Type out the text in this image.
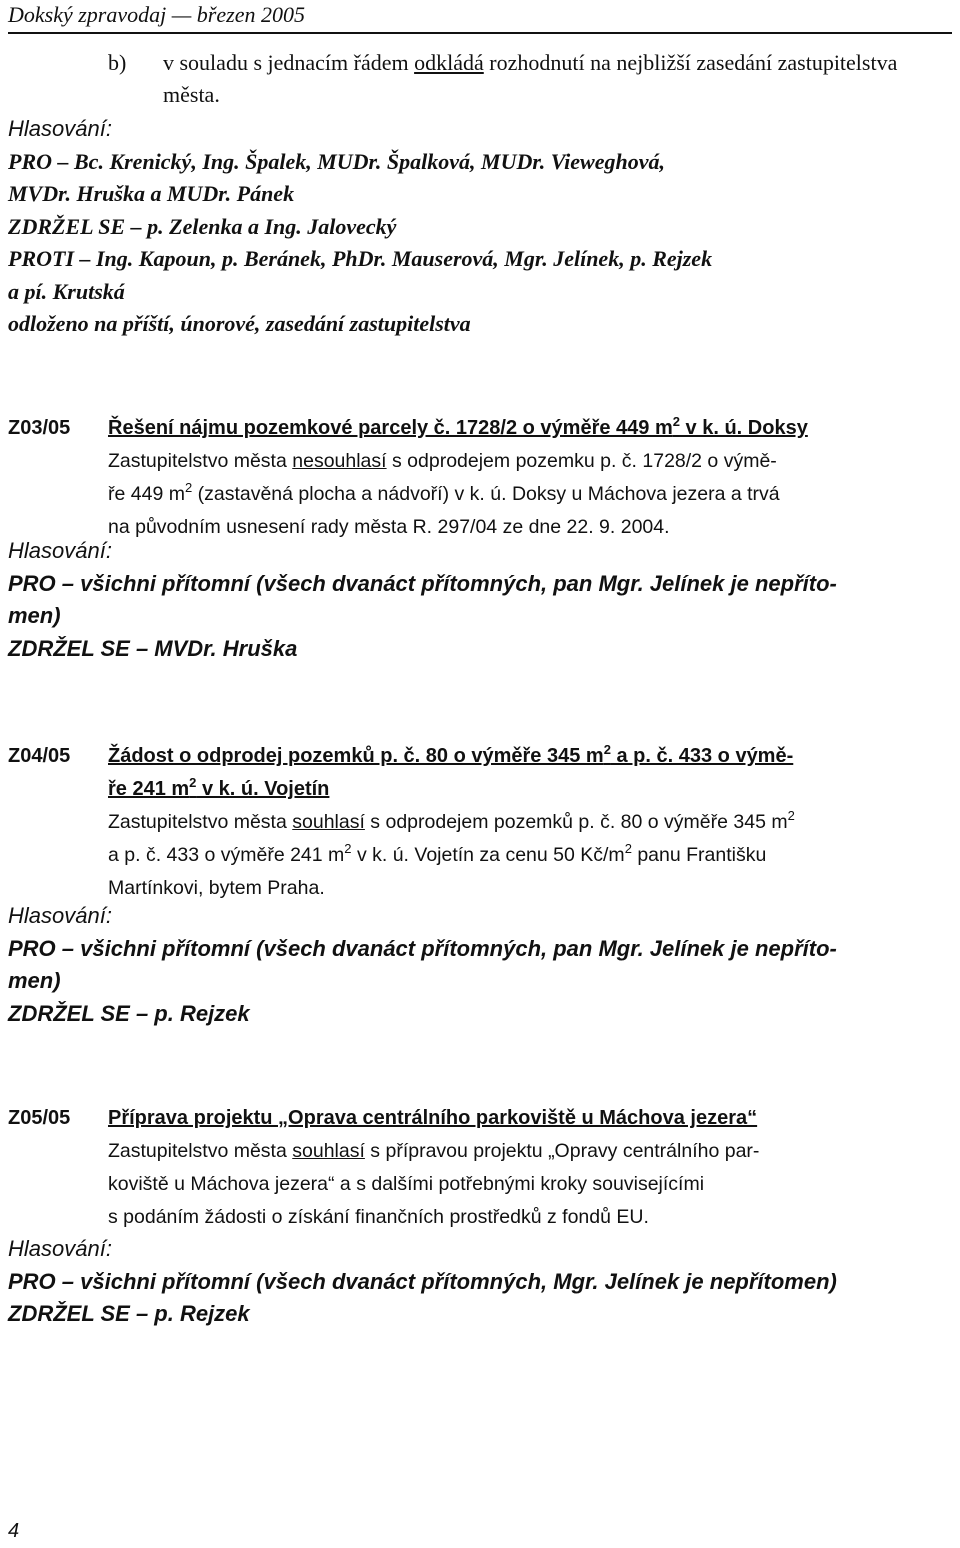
Dokský zpravodaj — březen 2005
b) v souladu s jednacím řádem odkládá rozhodnutí na nejbližší zasedání zastupitelstva města.
Hlasování:
PRO – Bc. Krenický, Ing. Špalek, MUDr. Špalková, MUDr. Vieweghová,
MVDr. Hruška a MUDr. Pánek
ZDRŽEL SE – p. Zelenka a Ing. Jalovecký
PROTI – Ing. Kapoun, p. Beránek, PhDr. Mauserová, Mgr. Jelínek, p. Rejzek
a pí. Krutská
odloženo na příští, únorové, zasedání zastupitelstva
Z03/05 Řešení nájmu pozemkové parcely č. 1728/2 o výměře 449 $m^2$ v k. ú. Doksy
Zastupitelstvo města nesouhlasí s odprodejem pozemku p. č. 1728/2 o výmě-
ře 449 $m^2$ (zastavěná plocha a nádvoří) v k. ú. Doksy u Máchova jezera a trvá
na původním usnesení rady města R. 297/04 ze dne 22. 9. 2004.
Hlasování:
PRO – všichni přítomní (všech dvanáct přítomných, pan Mgr. Jelínek je nepříto-
men)
ZDRŽEL SE – MVDr. Hruška
Z04/05 Žádost o odprodej pozemků p. č. 80 o výměře 345 $m^2$ a p. č. 433 o výmě-
ře 241 $m^2$ v k. ú. Vojetín
Zastupitelstvo města souhlasí s odprodejem pozemků p. č. 80 o výměře 345 $m^2$
a p. č. 433 o výměře 241 $m^2$ v k. ú. Vojetín za cenu 50 $Kč/m^2$ panu Františku
Martínkovi, bytem Praha.
Hlasování:
PRO – všichni přítomní (všech dvanáct přítomných, pan Mgr. Jelínek je nepříto-
men)
ZDRŽEL SE – p. Rejzek
Z05/05 Příprava projektu „Oprava centrálního parkoviště u Máchova jezera“
Zastupitelstvo města souhlasí s přípravou projektu „Opravy centrálního par-
koviště u Máchova jezera“ a s dalšími potřebnými kroky souvisejícími
s podáním žádosti o získání finančních prostředků z fondů EU.
Hlasování:
PRO – všichni přítomní (všech dvanáct přítomných, Mgr. Jelínek je nepřítomen)
ZDRŽEL SE – p. Rejzek
4
